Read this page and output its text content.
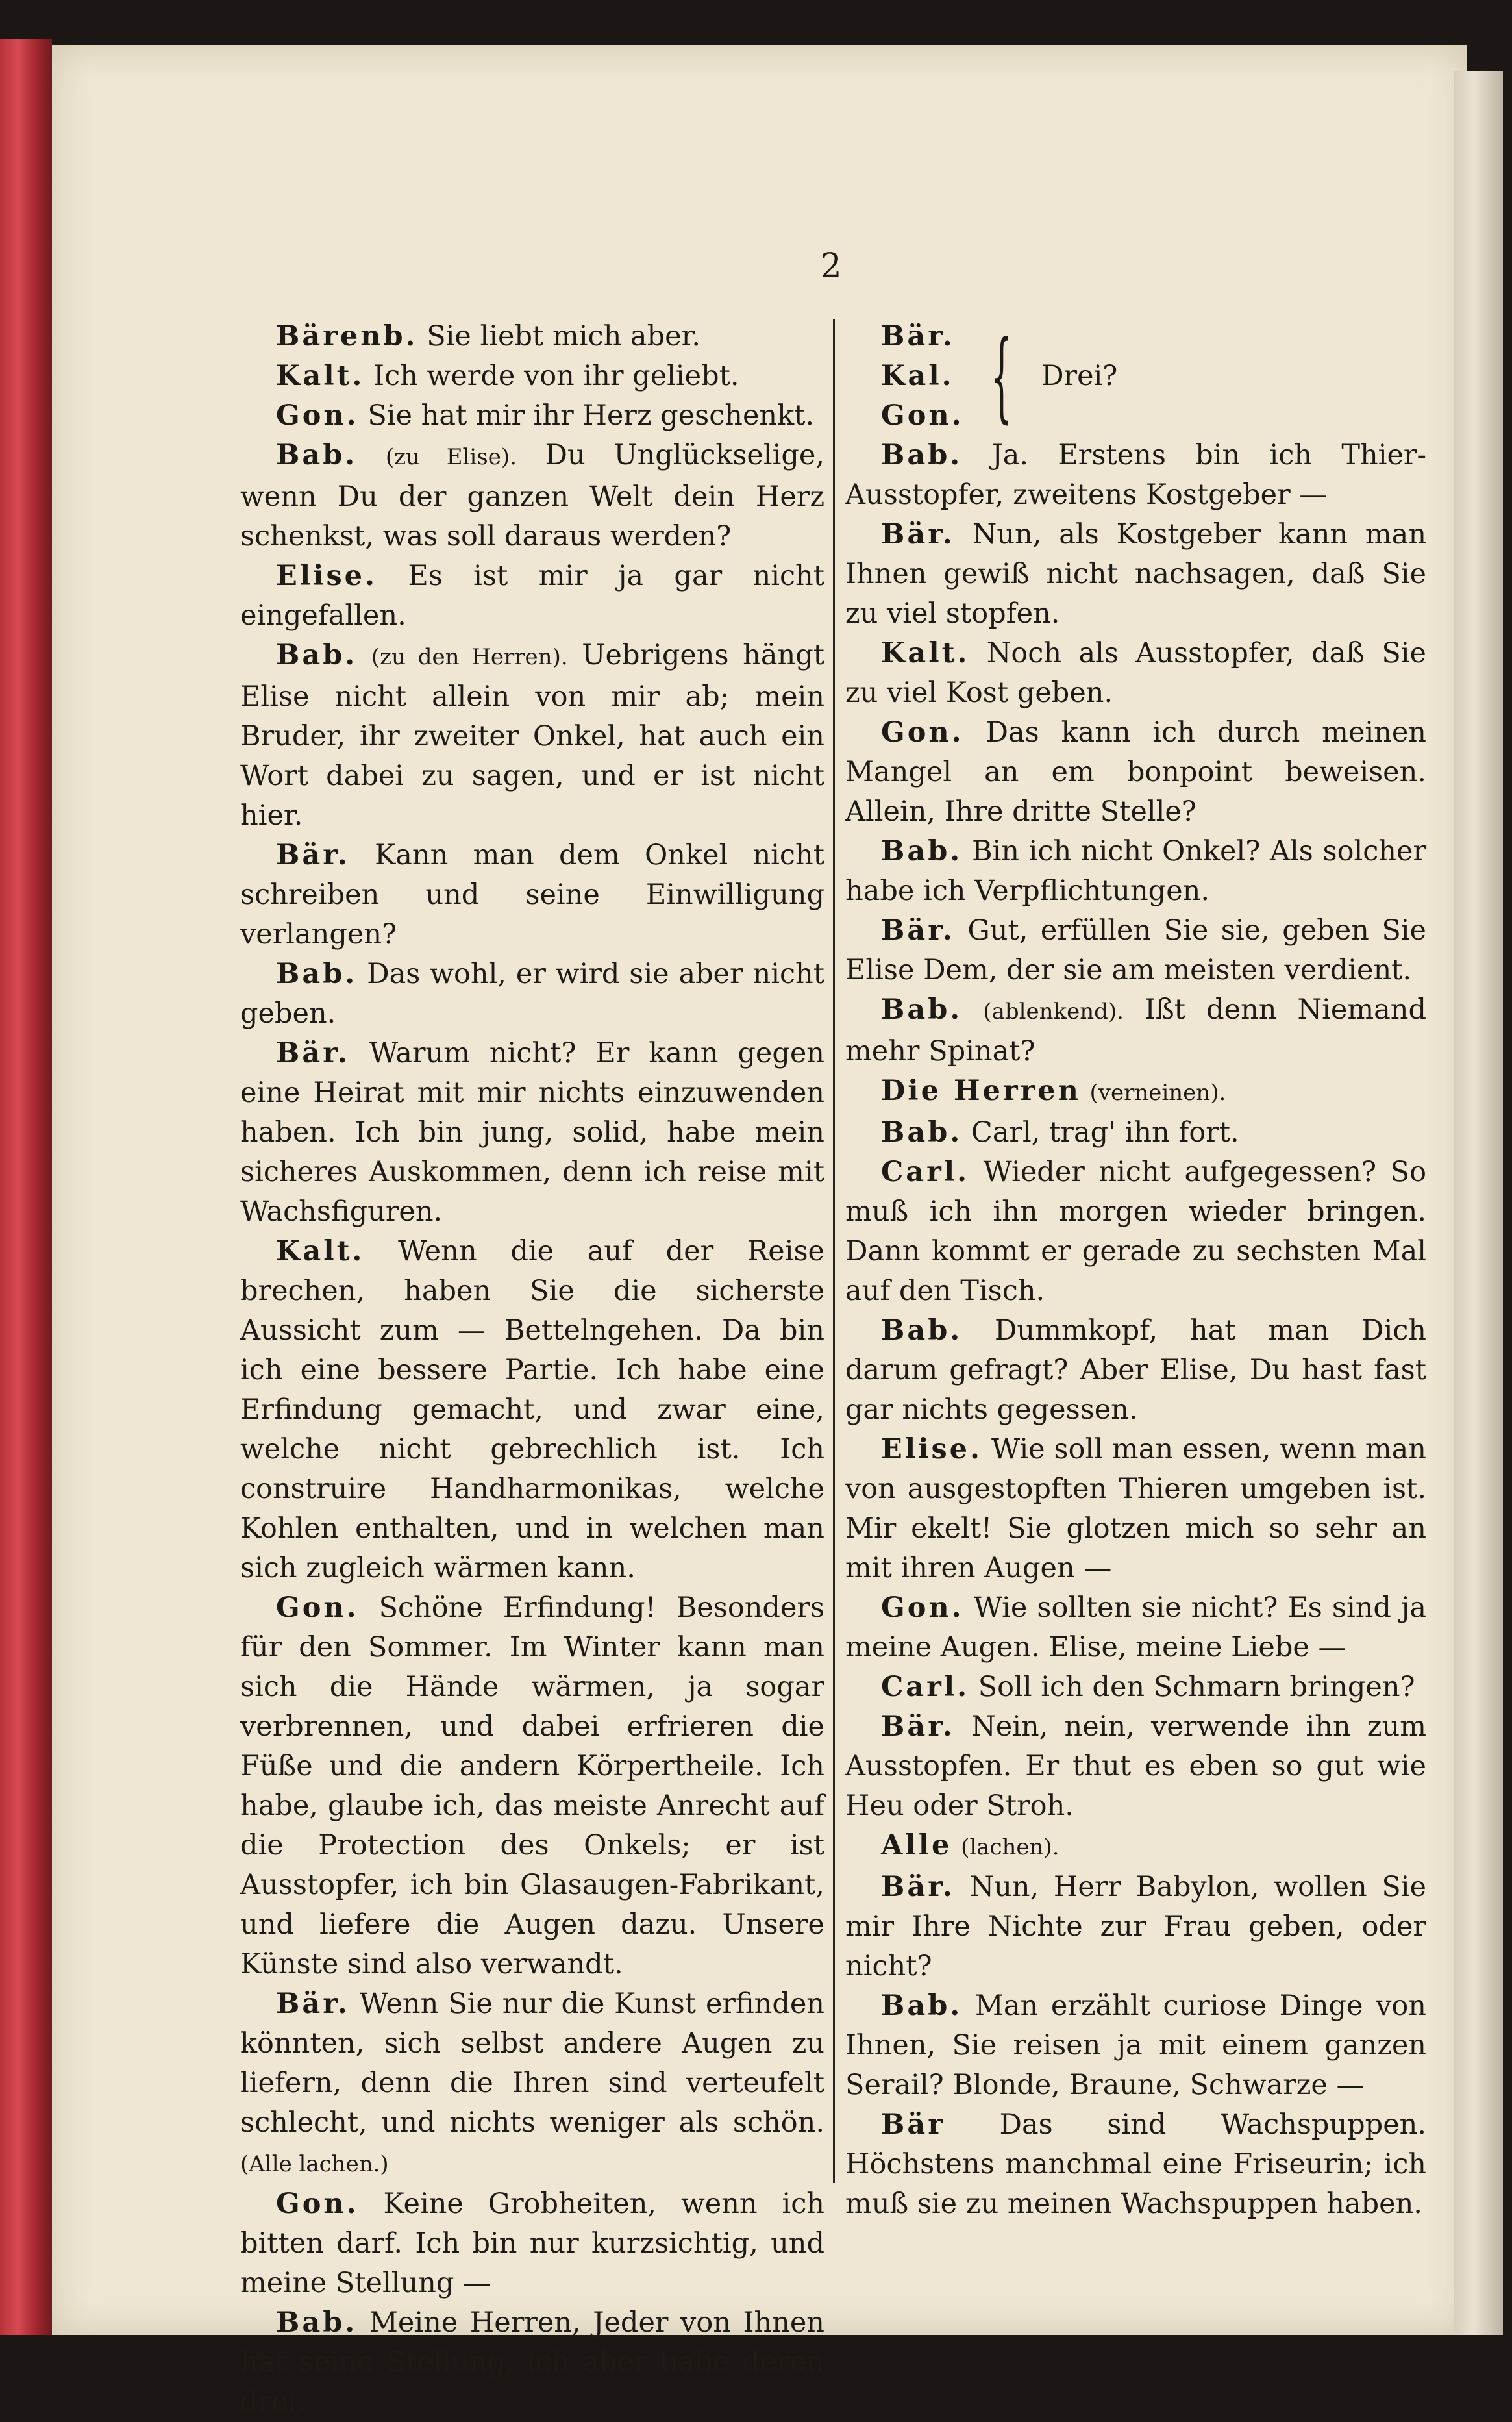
2

Bärenb. Sie liebt mich aber.

Kalt. Ich werde von ihr geliebt.

Gon. Sie hat mir ihr Herz geschenkt.

Bab. (zu Elise). Du Unglückselige, wenn Du der ganzen Welt dein Herz schenkst, was soll daraus werden?

Elise. Es ist mir ja gar nicht eingefallen.

Bab. (zu den Herren). Uebrigens hängt Elise nicht allein von mir ab; mein Bruder, ihr zweiter Onkel, hat auch ein Wort dabei zu sagen, und er ist nicht hier.

Bär. Kann man dem Onkel nicht schreiben und seine Einwilligung verlangen?

Bab. Das wohl, er wird sie aber nicht geben.

Bär. Warum nicht? Er kann gegen eine Heirat mit mir nichts einzuwenden haben. Ich bin jung, solid, habe mein sicheres Auskommen, denn ich reise mit Wachsfiguren.

Kalt. Wenn die auf der Reise brechen, haben Sie die sicherste Aussicht zum — Bettelngehen. Da bin ich eine bessere Partie. Ich habe eine Erfindung gemacht, und zwar eine, welche nicht gebrechlich ist. Ich construire Handharmonikas, welche Kohlen enthalten, und in welchen man sich zugleich wärmen kann.

Gon. Schöne Erfindung! Besonders für den Sommer. Im Winter kann man sich die Hände wärmen, ja sogar verbrennen, und dabei erfrieren die Füße und die andern Körpertheile. Ich habe, glaube ich, das meiste Anrecht auf die Protection des Onkels; er ist Ausstopfer, ich bin Glasaugen-Fabrikant, und liefere die Augen dazu. Unsere Künste sind also verwandt.

Bär. Wenn Sie nur die Kunst erfinden könnten, sich selbst andere Augen zu liefern, denn die Ihren sind verteufelt schlecht, und nichts weniger als schön. (Alle lachen.)

Gon. Keine Grobheiten, wenn ich bitten darf. Ich bin nur kurzsichtig, und meine Stellung —

Bab. Meine Herren, Jeder von Ihnen hat seine Stellung, ich aber habe deren drei.

Bär.
Kal.
Gon. { Drei?

Bab. Ja. Erstens bin ich Thier-Ausstopfer, zweitens Kostgeber —

Bär. Nun, als Kostgeber kann man Ihnen gewiß nicht nachsagen, daß Sie zu viel stopfen.

Kalt. Noch als Ausstopfer, daß Sie zu viel Kost geben.

Gon. Das kann ich durch meinen Mangel an em bonpoint beweisen. Allein, Ihre dritte Stelle?

Bab. Bin ich nicht Onkel? Als solcher habe ich Verpflichtungen.

Bär. Gut, erfüllen Sie sie, geben Sie Elise Dem, der sie am meisten verdient.

Bab. (ablenkend). Ißt denn Niemand mehr Spinat?

Die Herren (verneinen).

Bab. Carl, trag' ihn fort.

Carl. Wieder nicht aufgegessen? So muß ich ihn morgen wieder bringen. Dann kommt er gerade zu sechsten Mal auf den Tisch.

Bab. Dummkopf, hat man Dich darum gefragt? Aber Elise, Du hast fast gar nichts gegessen.

Elise. Wie soll man essen, wenn man von ausgestopften Thieren umgeben ist. Mir ekelt! Sie glotzen mich so sehr an mit ihren Augen —

Gon. Wie sollten sie nicht? Es sind ja meine Augen. Elise, meine Liebe —

Carl. Soll ich den Schmarn bringen?

Bär. Nein, nein, verwende ihn zum Ausstopfen. Er thut es eben so gut wie Heu oder Stroh.

Alle (lachen).

Bär. Nun, Herr Babylon, wollen Sie mir Ihre Nichte zur Frau geben, oder nicht?

Bab. Man erzählt curiose Dinge von Ihnen, Sie reisen ja mit einem ganzen Serail? Blonde, Braune, Schwarze —

Bär Das sind Wachspuppen. Höchstens manchmal eine Friseurin; ich muß sie zu meinen Wachspuppen haben.
